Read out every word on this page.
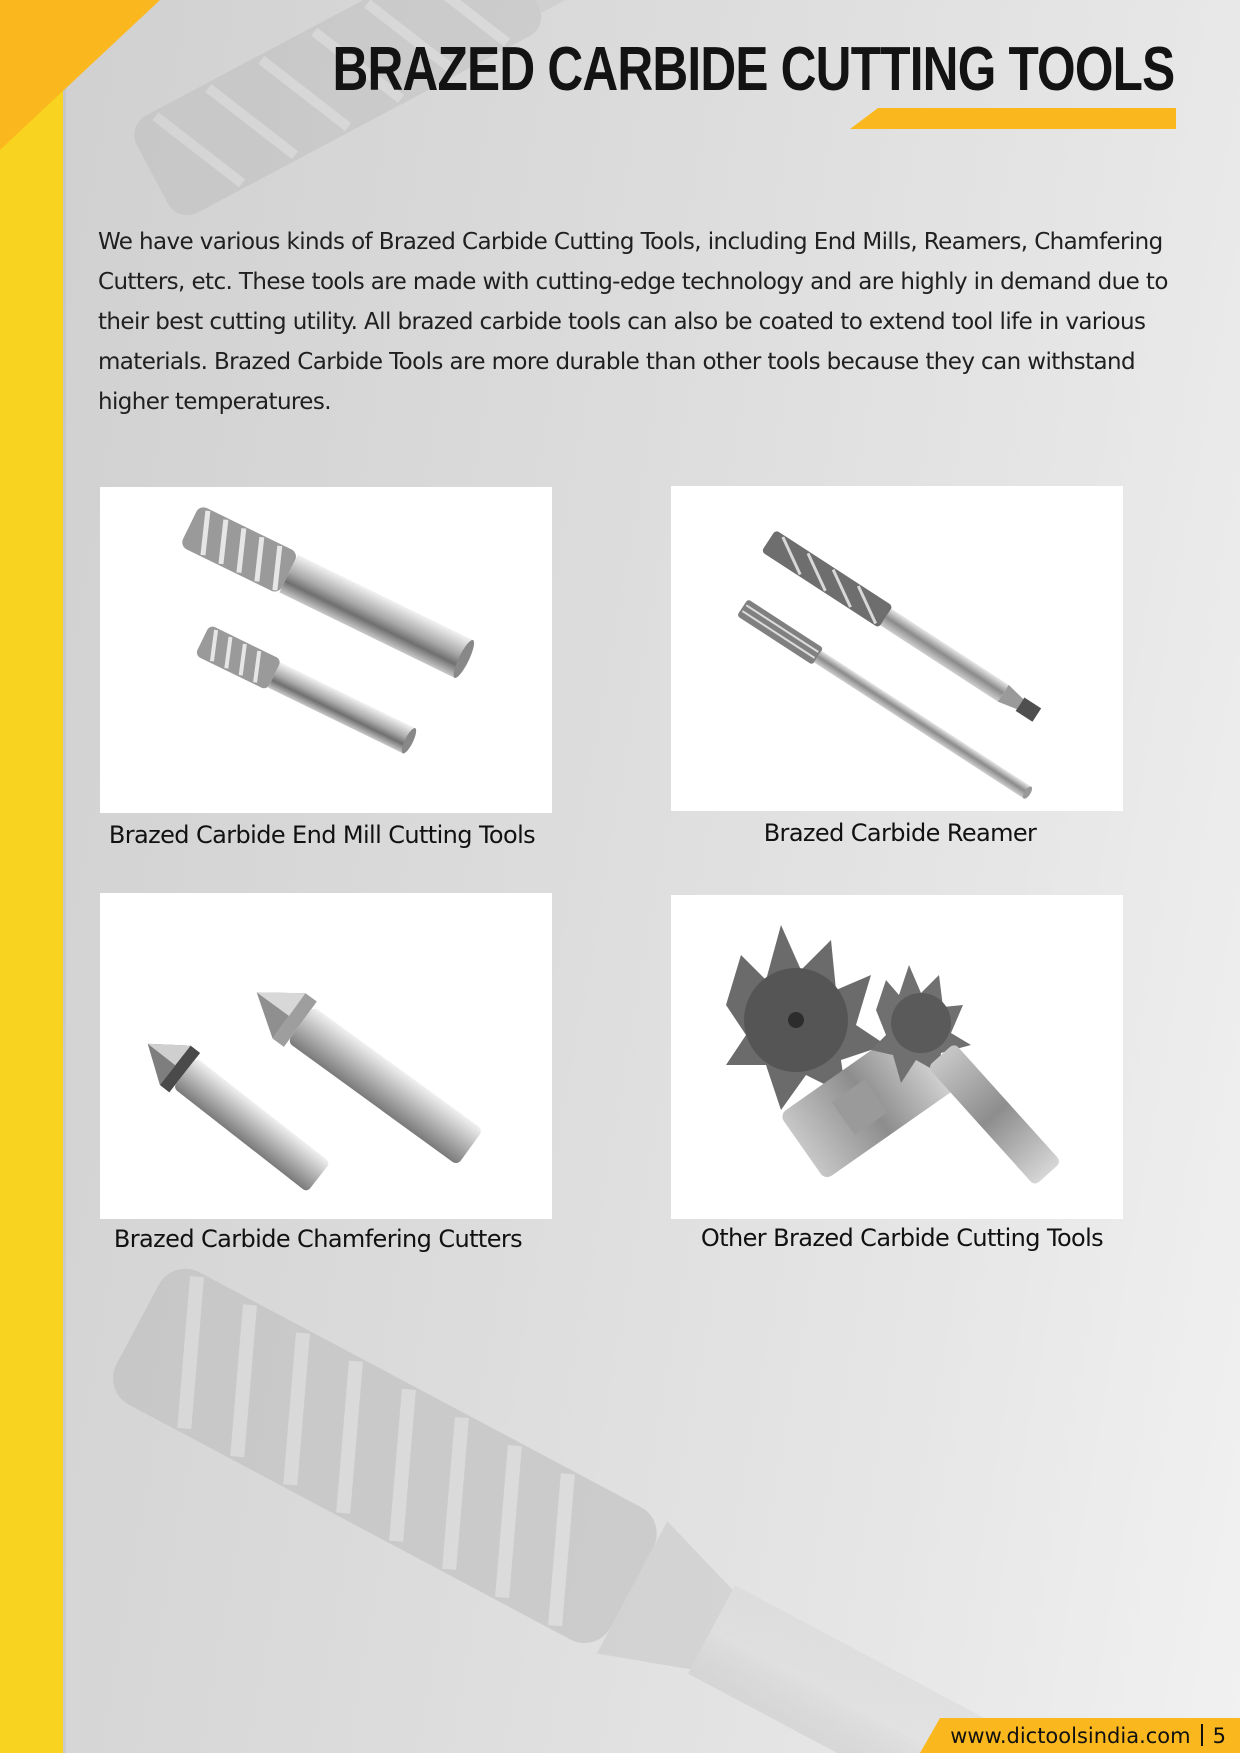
BRAZED CARBIDE CUTTING TOOLS

We have various kinds of Brazed Carbide Cutting Tools, including End Mills, Reamers, Chamfering Cutters, etc. These tools are made with cutting-edge technology and are highly in demand due to their best cutting utility. All brazed carbide tools can also be coated to extend tool life in various materials. Brazed Carbide Tools are more durable than other tools because they can withstand higher temperatures.

Brazed Carbide End Mill Cutting Tools	Brazed Carbide Reamer

Brazed Carbide Chamfering Cutters	Other Brazed Carbide Cutting Tools

www.dictoolsindia.com 5
